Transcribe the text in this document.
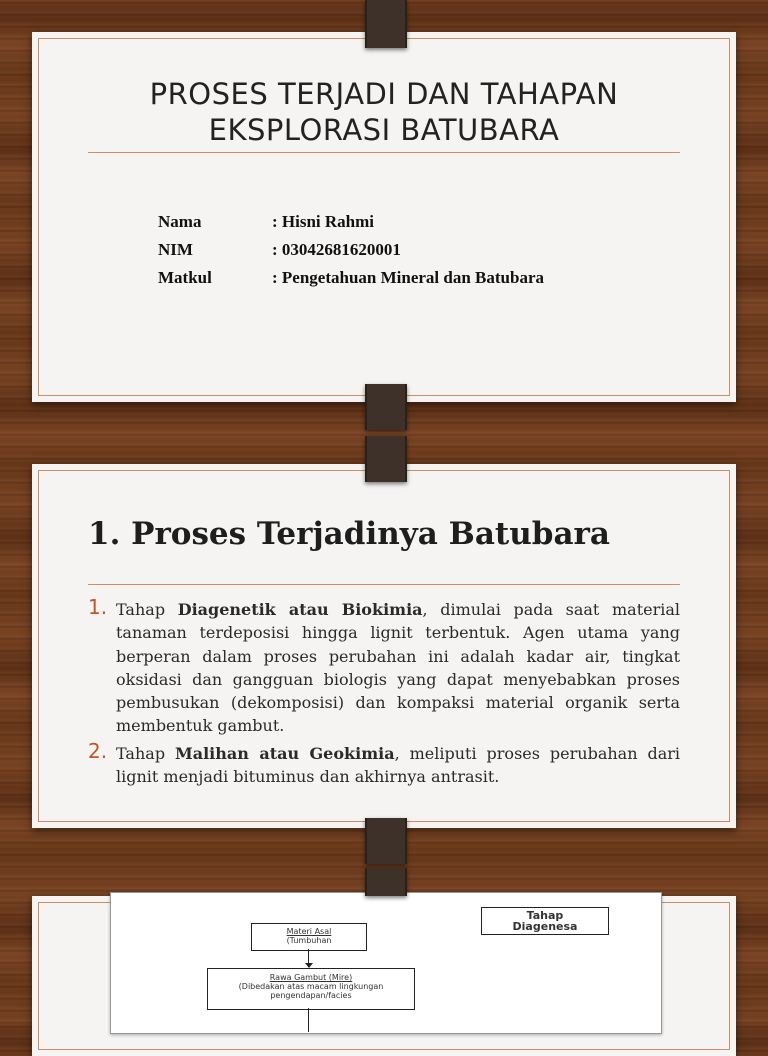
PROSES TERJADI DAN TAHAPAN
EKSPLORASI BATUBARA
Nama	: Hisni Rahmi
NIM	: 03042681620001
Matkul	: Pengetahuan Mineral dan Batubara
1. Proses Terjadinya Batubara
1. Tahap Diagenetik atau Biokimia, dimulai pada saat material tanaman terdeposisi hingga lignit terbentuk. Agen utama yang berperan dalam proses perubahan ini adalah kadar air, tingkat oksidasi dan gangguan biologis yang dapat menyebabkan proses pembusukan (dekomposisi) dan kompaksi material organik serta membentuk gambut.
2. Tahap Malihan atau Geokimia, meliputi proses perubahan dari lignit menjadi bituminus dan akhirnya antrasit.
Materi Asal
(Tumbuhan
Rawa Gambut (Mire)
(Dibedakan atas macam lingkungan
pengendapan/facies
Tahap
Diagenesa
